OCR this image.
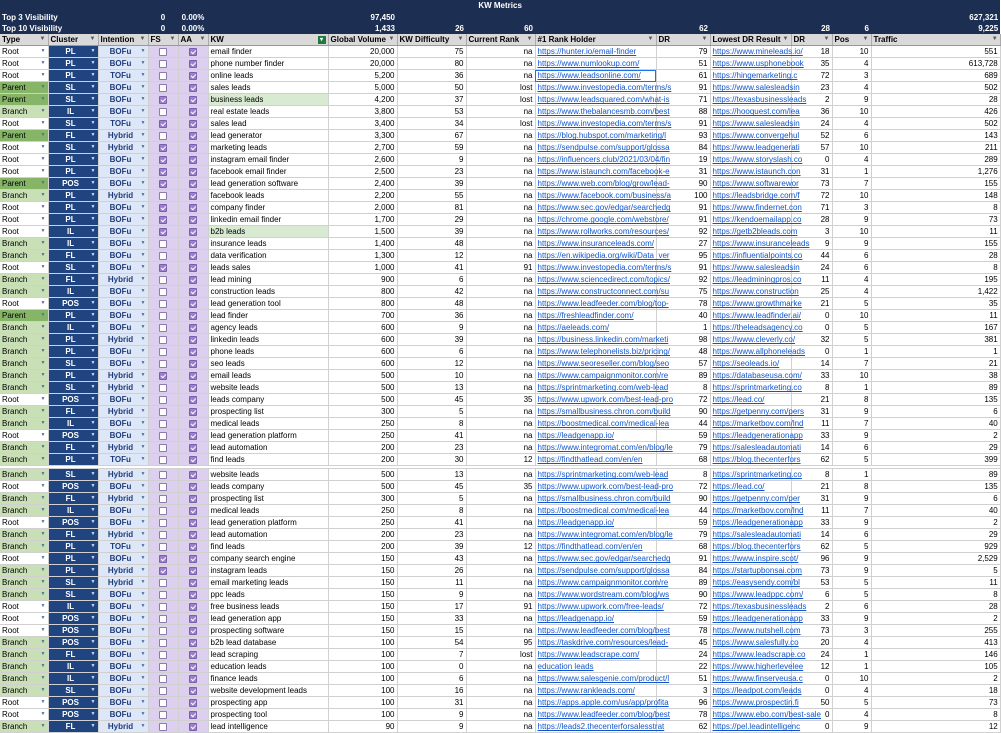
KW Metrics														
Top 3 Visibility			0	0.00%		97,450								627,321
Top 10 Visibility			0	0.00%		1,433	26	60		62		28	6	9,225

Type ▼	Cluster ▼	Intention ▼	FS ▼	AA ▼	KW ▾	Global Volume ▼	KW Difficulty ▼	Current Rank ▼	#1 Rank Holder ▼	DR ▼	Lowest DR Result ▼	DR ▼	Pos ▼	Traffic ▼

Root ▼	PL ▼	BOFu ▼			email finder	20,000	75	na	https://hunter.io/email-finder	79	https://www.mineleads.io/	18	10	551

Root ▼	PL ▼	BOFu ▼			phone number finder	20,000	80	na	https://www.numlookup.com/	51	https://www.usphonebook	35	4	613,728

Root ▼	PL ▼	TOFu ▼			online leads	5,200	36	na	https://www.leadsonline.com/	61	https://hingemarketing.c	72	3	689

Parent ▼	SL ▼	BOFu ▼			sales leads	5,000	50	lost	https://www.investopedia.com/terms/s	91	https://www.salesleadsin	23	4	502

Parent ▼	SL ▼	BOFu ▼			business leads	4,200	37	lost	https://www.leadsquared.com/what-is	71	https://texasbusinessleads	2	9	28

Branch ▼	IL ▼	BOFu ▼			real estate leads	3,800	53	na	https://www.thebalancesmb.com/best	88	https://hooquest.com/lea	36	10	426

Root ▼	SL ▼	TOFu ▼			sales lead	3,400	34	lost	https://www.investopedia.com/terms/s	91	https://www.salesleadsin	24	4	502

Parent ▼	FL ▼	Hybrid ▼			lead generator	3,300	67	na	https://blog.hubspot.com/marketing/l	93	https://www.convergehul	52	6	143

Root ▼	SL ▼	Hybrid ▼			marketing leads	2,700	59	na	https://sendpulse.com/support/glossa	84	https://www.leadgenerati	57	10	211

Root ▼	PL ▼	BOFu ▼			instagram email finder	2,600	9	na	https://influencers.club/2021/03/04/fin	19	https://www.storyslash.co	0	4	289

Root ▼	PL ▼	BOFu ▼			facebook email finder	2,500	23	na	https://www.istaunch.com/facebook-e	31	https://www.istaunch.con	31	1	1,276

Parent ▼	POS ▼	BOFu ▼			lead generation software	2,400	39	na	https://www.web.com/blog/grow/lead-	90	https://www.softwarewor	73	7	155

Branch ▼	PL ▼	Hybrid ▼			facebook leads	2,200	55	na	https://www.facebook.com/business/a	100	https://leadsbridge.com/f	72	10	148

Root ▼	PL ▼	BOFu ▼			company finder	2,000	81	na	https://www.sec.gov/edgar/searchedg	91	https://www.findernet.con	71	3	8

Root ▼	PL ▼	BOFu ▼			linkedin email finder	1,700	29	na	https://chrome.google.com/webstore/	91	https://kendoemailapp.co	28	9	73

Root ▼	IL ▼	BOFu ▼			b2b leads	1,500	39	na	https://www.rollworks.com/resources/	92	https://getb2bleads.com	3	10	11

Branch ▼	IL ▼	BOFu ▼			insurance leads	1,400	48	na	https://www.insuranceleads.com/	27	https://www.insuranceleads	9	9	155

Branch ▼	FL ▼	BOFu ▼			data verification	1,300	12	na	https://en.wikipedia.org/wiki/Data_ver	95	https://influentialpoints.co	44	6	28

Root ▼	SL ▼	BOFu ▼			leads sales	1,000	41	91	https://www.investopedia.com/terms/s	91	https://www.salesleadsin	24	6	8

Branch ▼	FL ▼	Hybrid ▼			lead mining	900	6	na	https://www.sciencedirect.com/topics/	92	https://leadminingpros.co	11	4	195

Branch ▼	IL ▼	BOFu ▼			construction leads	800	42	na	https://www.constructconnect.com/su	75	https://www.construction	25	4	1,422

Root ▼	POS ▼	BOFu ▼			lead generation tool	800	48	na	https://www.leadfeeder.com/blog/top-	78	https://www.growthmarke	21	5	35

Parent ▼	PL ▼	BOFu ▼			lead finder	700	36	na	https://freshleadfinder.com/	40	https://www.leadfinder.ai/	0	10	11

Branch ▼	IL ▼	BOFu ▼			agency leads	600	9	na	https://aeleads.com/	1	https://theleadsagency.co	0	5	167

Branch ▼	PL ▼	Hybrid ▼			linkedin leads	600	39	na	https://business.linkedin.com/marketi	98	https://www.cleverly.co/	32	5	381

Branch ▼	PL ▼	BOFu ▼			phone leads	600	6	na	https://www.telephonelists.biz/pricing/	48	https://www.allphoneleads	0	1	1

Branch ▼	SL ▼	BOFu ▼			seo leads	600	12	na	https://www.seoreseller.com/blog/seo	57	https://seoleads.io/	14	7	21

Branch ▼	PL ▼	Hybrid ▼			email leads	500	10	na	https://www.campaignmonitor.com/re	89	https://databaseusa.com/	33	10	38

Branch ▼	SL ▼	Hybrid ▼			website leads	500	13	na	https://sprintmarketing.com/web-lead	8	https://sprintmarketing.co	8	1	89

Root ▼	POS ▼	BOFu ▼			leads company	500	45	35	https://www.upwork.com/best-lead-pro	72	https://lead.co/	21	8	135

Branch ▼	FL ▼	Hybrid ▼			prospecting list	300	5	na	https://smallbusiness.chron.com/build	90	https://getpenny.com/pers	31	9	6

Branch ▼	IL ▼	BOFu ▼			medical leads	250	8	na	https://boostmedical.com/medical-lea	44	https://marketbov.com/lnd	11	7	40

Root ▼	POS ▼	BOFu ▼			lead generation platform	250	41	na	https://leadgenapp.io/	59	https://leadgenerationapp	33	9	2

Branch ▼	FL ▼	Hybrid ▼			lead automation	200	23	na	https://www.integromat.com/en/blog/le	79	https://salesleadautomati	14	6	29

Branch ▼	PL ▼	TOFu ▼			find leads	200	30	12	https://findthatlead.com/en/en	68	https://blog.thecenterfors	62	5	399

Branch ▼	SL ▼	Hybrid ▼			website leads	500	13	na	https://sprintmarketing.com/web-lead	8	https://sprintmarketing.co	8	1	89

Root ▼	POS ▼	BOFu ▼			leads company	500	45	35	https://www.upwork.com/best-lead-pro	72	https://lead.co/	21	8	135

Branch ▼	FL ▼	Hybrid ▼			prospecting list	300	5	na	https://smallbusiness.chron.com/build	90	https://getpenny.com/per	31	9	6

Branch ▼	IL ▼	BOFu ▼			medical leads	250	8	na	https://boostmedical.com/medical-lea	44	https://marketbov.com/lnd	11	7	40

Root ▼	POS ▼	BOFu ▼			lead generation platform	250	41	na	https://leadgenapp.io/	59	https://leadgenerationapp	33	9	2

Branch ▼	FL ▼	Hybrid ▼			lead automation	200	23	na	https://www.integromat.com/en/blog/le	79	https://salesleadautomati	14	6	29

Branch ▼	PL ▼	TOFu ▼			find leads	200	39	12	https://findthatlead.com/en/en	68	https://blog.thecenterfors	62	5	929

Root ▼	PL ▼	BOFu ▼			company search engine	150	43	na	https://www.sec.gov/edgar/searchedg	91	https://www.inspire.scot/	96	9	2,529

Branch ▼	PL ▼	Hybrid ▼			instagram leads	150	26	na	https://sendpulse.com/support/glossa	84	https://startupbonsai.com	73	9	5

Branch ▼	SL ▼	Hybrid ▼			email marketing leads	150	11	na	https://www.campaignmonitor.com/re	89	https://easysendy.com/bl	53	5	11

Branch ▼	SL ▼	BOFu ▼			ppc leads	150	9	na	https://www.wordstream.com/blog/ws	90	https://www.leadppc.com/	6	5	8

Root ▼	IL ▼	BOFu ▼			free business leads	150	17	91	https://www.upwork.com/free-leads/	72	https://texasbusinessleads	2	6	28

Root ▼	POS ▼	BOFu ▼			lead generation app	150	33	na	https://leadgenapp.io/	59	https://leadgenerationapp	33	9	2

Root ▼	POS ▼	BOFu ▼			prospecting software	150	15	na	https://www.leadfeeder.com/blog/best	78	https://www.nutshell.com	73	3	255

Branch ▼	POS ▼	BOFu ▼			b2b lead database	100	54	95	https://taskdrive.com/resources/lead-	45	https://www.salesfully.co	20	4	413

Branch ▼	FL ▼	BOFu ▼			lead scraping	100	7	lost	https://www.leadscrape.com/	24	https://www.leadscrape.co	24	1	146

Branch ▼	IL ▼	BOFu ▼			education leads	100	0	na	education leads	22	https://www.higherlevelee	12	1	105

Branch ▼	IL ▼	BOFu ▼			finance leads	100	6	na	https://www.salesgenie.com/product/l	51	https://www.finserveusa.c	0	10	2

Branch ▼	SL ▼	BOFu ▼			website development leads	100	16	na	https://www.rankleads.com/	3	https://leadpot.com/leads	0	4	18

Root ▼	POS ▼	BOFu ▼			prospecting app	100	31	na	https://apps.apple.com/us/app/profita	96	https://www.prospectin.fi	50	5	73

Root ▼	POS ▼	BOFu ▼			prospecting tool	100	9	na	https://www.leadfeeder.com/blog/best	78	https://www.ebo.com/best-sale	0	4	8

Branch ▼	FL ▼	Hybrid ▼			lead intelligence	90	9	na	https://leads2.thecenterforsalesstrat	62	https://pel.leadintelligenc	0	9	12
